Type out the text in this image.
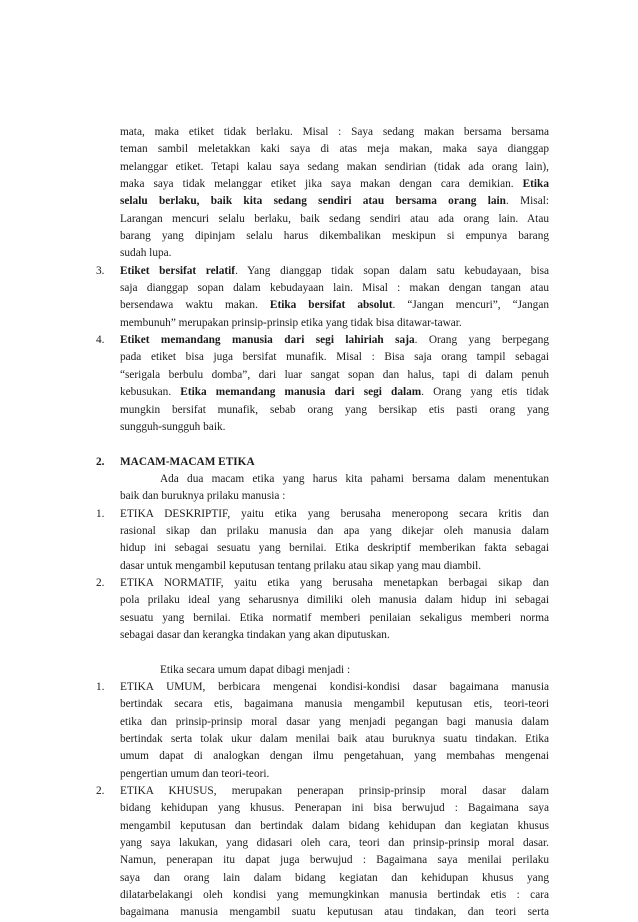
mata, maka etiket tidak berlaku. Misal : Saya sedang makan bersama bersama
teman sambil meletakkan kaki saya di atas meja makan, maka saya dianggap
melanggar etiket. Tetapi kalau saya sedang makan sendirian (tidak ada orang lain),
maka saya tidak melanggar etiket jika saya makan dengan cara demikian. Etika
selalu berlaku, baik kita sedang sendiri atau bersama orang lain. Misal:
Larangan mencuri selalu berlaku, baik sedang sendiri atau ada orang lain. Atau
barang yang dipinjam selalu harus dikembalikan meskipun si empunya barang
sudah lupa.
3. Etiket bersifat relatif. Yang dianggap tidak sopan dalam satu kebudayaan, bisa
saja dianggap sopan dalam kebudayaan lain. Misal : makan dengan tangan atau
bersendawa waktu makan. Etika bersifat absolut. “Jangan mencuri”, “Jangan
membunuh” merupakan prinsip-prinsip etika yang tidak bisa ditawar-tawar.
4. Etiket memandang manusia dari segi lahiriah saja. Orang yang berpegang
pada etiket bisa juga bersifat munafik. Misal : Bisa saja orang tampil sebagai
“serigala berbulu domba”, dari luar sangat sopan dan halus, tapi di dalam penuh
kebusukan. Etika memandang manusia dari segi dalam. Orang yang etis tidak
mungkin bersifat munafik, sebab orang yang bersikap etis pasti orang yang
sungguh-sungguh baik.
2. MACAM-MACAM ETIKA
Ada dua macam etika yang harus kita pahami bersama dalam menentukan
baik dan buruknya prilaku manusia :
1. ETIKA DESKRIPTIF, yaitu etika yang berusaha meneropong secara kritis dan
rasional sikap dan prilaku manusia dan apa yang dikejar oleh manusia dalam
hidup ini sebagai sesuatu yang bernilai. Etika deskriptif memberikan fakta sebagai
dasar untuk mengambil keputusan tentang prilaku atau sikap yang mau diambil.
2. ETIKA NORMATIF, yaitu etika yang berusaha menetapkan berbagai sikap dan
pola prilaku ideal yang seharusnya dimiliki oleh manusia dalam hidup ini sebagai
sesuatu yang bernilai. Etika normatif memberi penilaian sekaligus memberi norma
sebagai dasar dan kerangka tindakan yang akan diputuskan.
Etika secara umum dapat dibagi menjadi :
1. ETIKA UMUM, berbicara mengenai kondisi-kondisi dasar bagaimana manusia
bertindak secara etis, bagaimana manusia mengambil keputusan etis, teori-teori
etika dan prinsip-prinsip moral dasar yang menjadi pegangan bagi manusia dalam
bertindak serta tolak ukur dalam menilai baik atau buruknya suatu tindakan. Etika
umum dapat di analogkan dengan ilmu pengetahuan, yang membahas mengenai
pengertian umum dan teori-teori.
2. ETIKA KHUSUS, merupakan penerapan prinsip-prinsip moral dasar dalam
bidang kehidupan yang khusus. Penerapan ini bisa berwujud : Bagaimana saya
mengambil keputusan dan bertindak dalam bidang kehidupan dan kegiatan khusus
yang saya lakukan, yang didasari oleh cara, teori dan prinsip-prinsip moral dasar.
Namun, penerapan itu dapat juga berwujud : Bagaimana saya menilai perilaku
saya dan orang lain dalam bidang kegiatan dan kehidupan khusus yang
dilatarbelakangi oleh kondisi yang memungkinkan manusia bertindak etis : cara
bagaimana manusia mengambil suatu keputusan atau tindakan, dan teori serta
